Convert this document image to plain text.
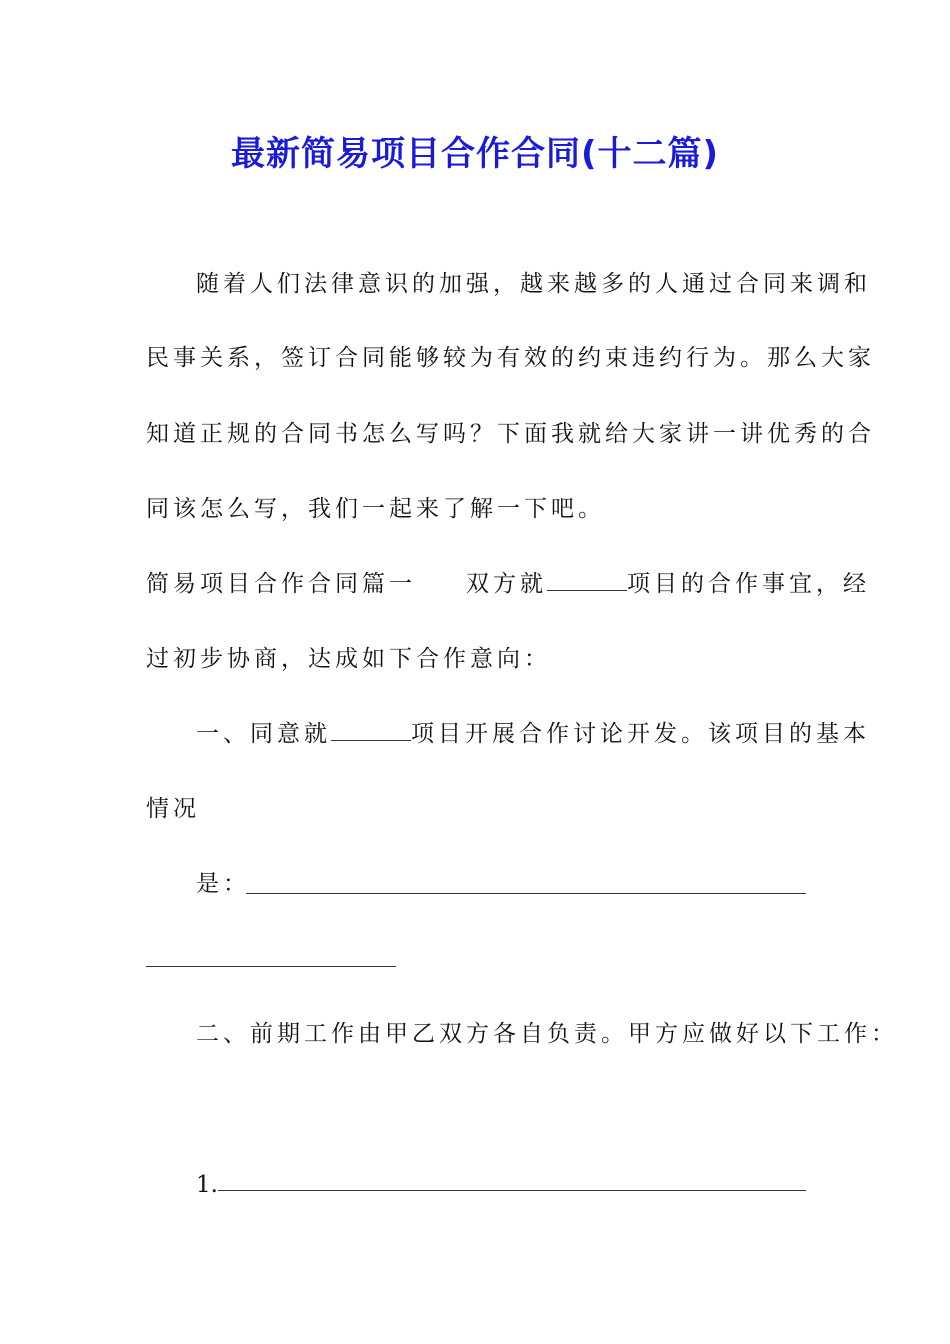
最新简易项目合作合同(十二篇)
随着人们法律意识的加强，越来越多的人通过合同来调和
民事关系，签订合同能够较为有效的约束违约行为。那么大家
知道正规的合同书怎么写吗？下面我就给大家讲一讲优秀的合
同该怎么写，我们一起来了解一下吧。
简易项目合作合同篇一 双方就	项目的合作事宜，经
过初步协商，达成如下合作意向：
一、同意就	项目开展合作讨论开发。该项目的基本
情况
是：
二、前期工作由甲乙双方各自负责。甲方应做好以下工作：
1.
